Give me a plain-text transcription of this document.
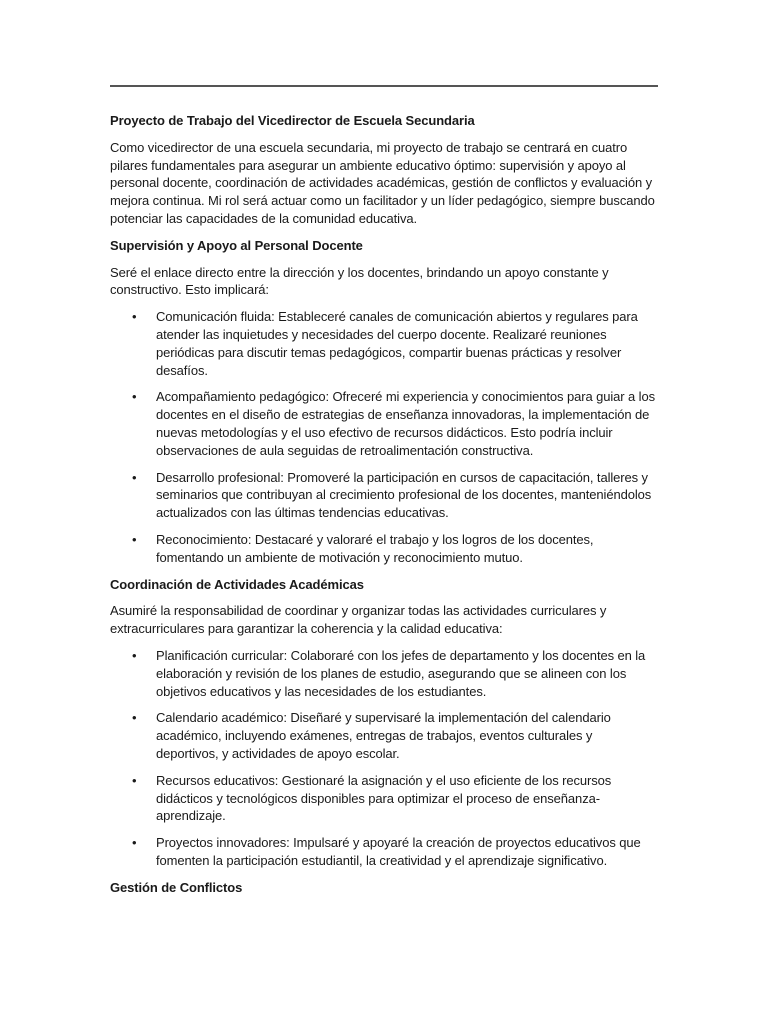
Proyecto de Trabajo del Vicedirector de Escuela Secundaria

Como vicedirector de una escuela secundaria, mi proyecto de trabajo se centrará en cuatro pilares fundamentales para asegurar un ambiente educativo óptimo: supervisión y apoyo al personal docente, coordinación de actividades académicas, gestión de conflictos y evaluación y mejora continua. Mi rol será actuar como un facilitador y un líder pedagógico, siempre buscando potenciar las capacidades de la comunidad educativa.

Supervisión y Apoyo al Personal Docente

Seré el enlace directo entre la dirección y los docentes, brindando un apoyo constante y constructivo. Esto implicará:

• Comunicación fluida: Estableceré canales de comunicación abiertos y regulares para atender las inquietudes y necesidades del cuerpo docente. Realizaré reuniones periódicas para discutir temas pedagógicos, compartir buenas prácticas y resolver desafíos.
• Acompañamiento pedagógico: Ofreceré mi experiencia y conocimientos para guiar a los docentes en el diseño de estrategias de enseñanza innovadoras, la implementación de nuevas metodologías y el uso efectivo de recursos didácticos. Esto podría incluir observaciones de aula seguidas de retroalimentación constructiva.
• Desarrollo profesional: Promoveré la participación en cursos de capacitación, talleres y seminarios que contribuyan al crecimiento profesional de los docentes, manteniéndolos actualizados con las últimas tendencias educativas.
• Reconocimiento: Destacaré y valoraré el trabajo y los logros de los docentes, fomentando un ambiente de motivación y reconocimiento mutuo.

Coordinación de Actividades Académicas

Asumiré la responsabilidad de coordinar y organizar todas las actividades curriculares y extracurriculares para garantizar la coherencia y la calidad educativa:

• Planificación curricular: Colaboraré con los jefes de departamento y los docentes en la elaboración y revisión de los planes de estudio, asegurando que se alineen con los objetivos educativos y las necesidades de los estudiantes.
• Calendario académico: Diseñaré y supervisaré la implementación del calendario académico, incluyendo exámenes, entregas de trabajos, eventos culturales y deportivos, y actividades de apoyo escolar.
• Recursos educativos: Gestionaré la asignación y el uso eficiente de los recursos didácticos y tecnológicos disponibles para optimizar el proceso de enseñanza-aprendizaje.
• Proyectos innovadores: Impulsaré y apoyaré la creación de proyectos educativos que fomenten la participación estudiantil, la creatividad y el aprendizaje significativo.

Gestión de Conflictos
